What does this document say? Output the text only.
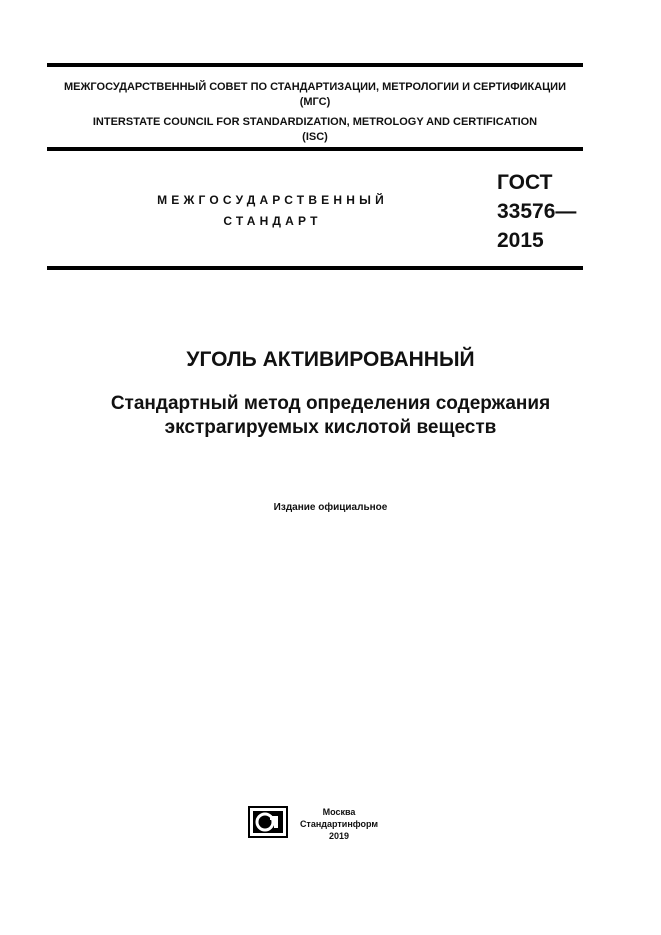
МЕЖГОСУДАРСТВЕННЫЙ СОВЕТ ПО СТАНДАРТИЗАЦИИ, МЕТРОЛОГИИ И СЕРТИФИКАЦИИ

(МГС)

INTERSTATE COUNCIL FOR STANDARDIZATION, METROLOGY AND CERTIFICATION

(ISC)

МЕЖГОСУДАРСТВЕННЫЙ

СТАНДАРТ

ГОСТ

33576—

2015

УГОЛЬ АКТИВИРОВАННЫЙ

Стандартный метод определения содержания

экстрагируемых кислотой веществ

Издание официальное

Москва

Стандартинформ

2019
